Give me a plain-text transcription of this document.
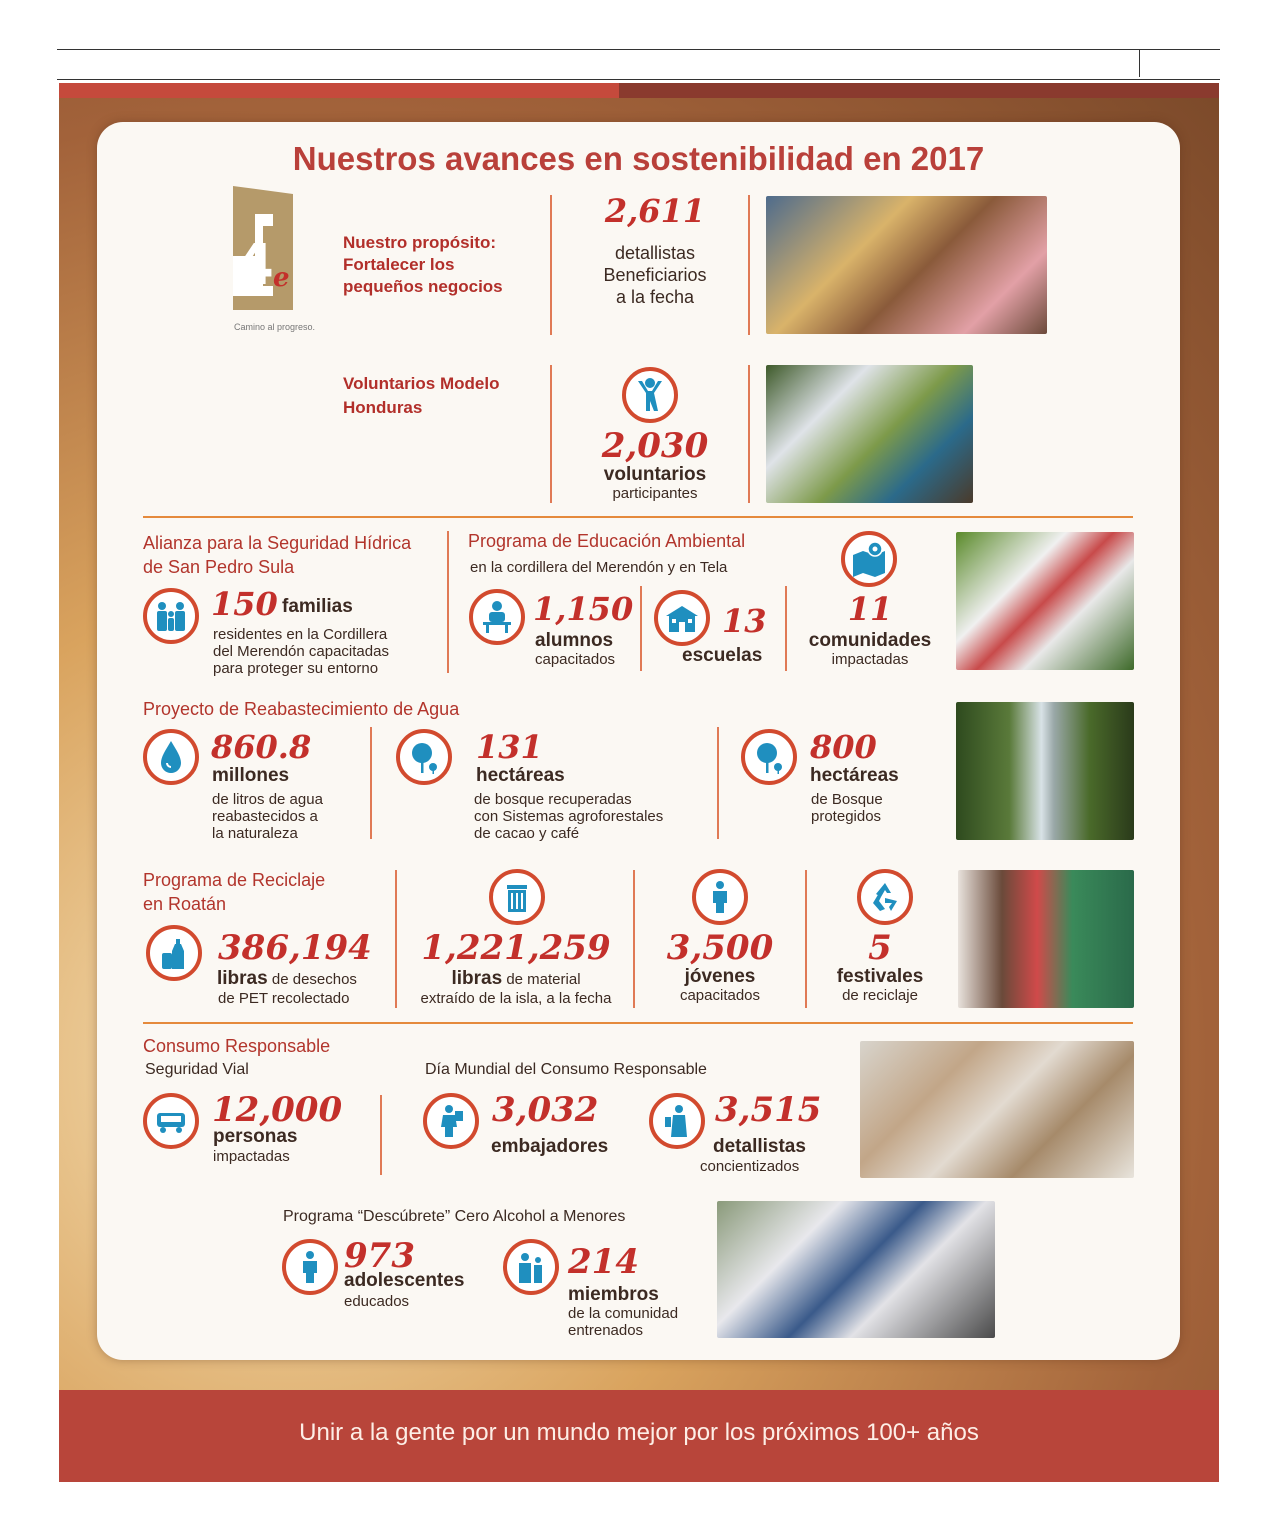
Nuestros avances en sostenibilidad en 2017
e
4
Camino al progreso.
Nuestro propósito:
Fortalecer los
pequeños negocios
2,611
detallistas
Beneficiarios
a la fecha
Voluntarios Modelo
Honduras
2,030
voluntarios
participantes
Alianza para la Seguridad Hídrica
de San Pedro Sula
150 familias
residentes en la Cordillera
del Merendón capacitadas
para proteger su entorno
Programa de Educación Ambiental
en la cordillera del Merendón y en Tela
1,150
alumnos
capacitados
13
escuelas
11
comunidades
impactadas
Proyecto de Reabastecimiento de Agua
860.8
millones
de litros de agua
reabastecidos a
la naturaleza
131
hectáreas
de bosque recuperadas
con Sistemas agroforestales
de cacao y café
800
hectáreas
de Bosque
protegidos
Programa de Reciclaje
en Roatán
386,194
libras de desechos
de PET recolectado
1,221,259
libras de material
extraído de la isla, a la fecha
3,500
jóvenes
capacitados
5
festivales
de reciclaje
Consumo Responsable
Seguridad Vial	Día Mundial del Consumo Responsable
12,000
personas
impactadas
3,032
embajadores
3,515
detallistas
concientizados
Programa “Descúbrete” Cero Alcohol a Menores
973
adolescentes
educados
214
miembros
de la comunidad
entrenados
Unir a la gente por un mundo mejor por los próximos 100+ años
